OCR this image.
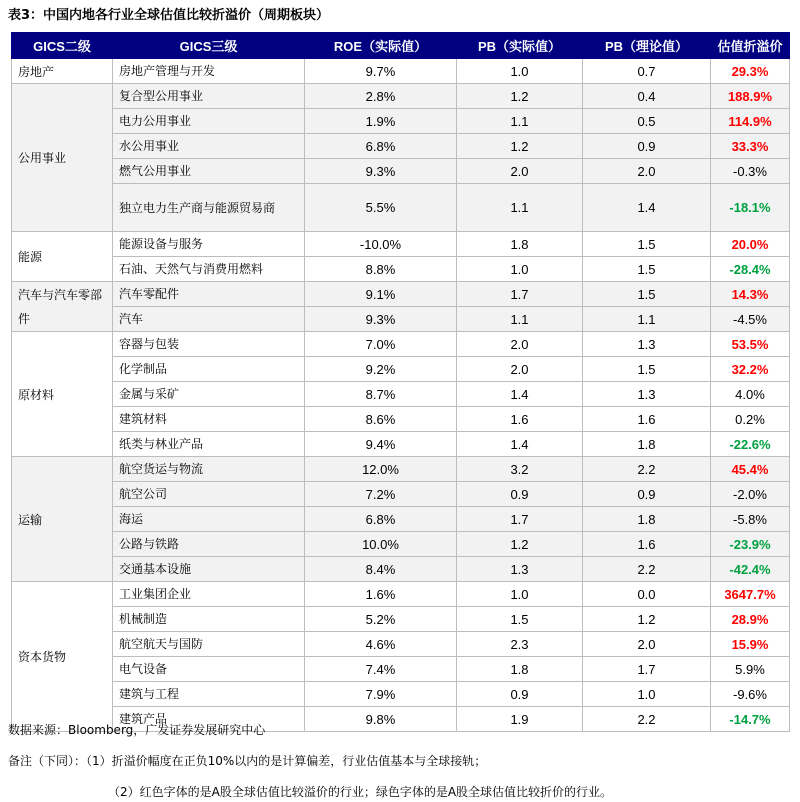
表3：中国内地各行业全球估值比较折溢价（周期板块）
GICS二级	GICS三级	ROE（实际值）	PB（实际值）	PB（理论值）	估值折溢价
房地产	房地产管理与开发	9.7%	1.0	0.7	29.3%
公用事业	复合型公用事业	2.8%	1.2	0.4	188.9%
	电力公用事业	1.9%	1.1	0.5	114.9%
	水公用事业	6.8%	1.2	0.9	33.3%
	燃气公用事业	9.3%	2.0	2.0	-0.3%
	独立电力生产商与能源贸易商	5.5%	1.1	1.4	-18.1%
能源	能源设备与服务	-10.0%	1.8	1.5	20.0%
	石油、天然气与消费用燃料	8.8%	1.0	1.5	-28.4%
汽车与汽车零部件	汽车零配件	9.1%	1.7	1.5	14.3%
	汽车	9.3%	1.1	1.1	-4.5%
原材料	容器与包装	7.0%	2.0	1.3	53.5%
	化学制品	9.2%	2.0	1.5	32.2%
	金属与采矿	8.7%	1.4	1.3	4.0%
	建筑材料	8.6%	1.6	1.6	0.2%
	纸类与林业产品	9.4%	1.4	1.8	-22.6%
运输	航空货运与物流	12.0%	3.2	2.2	45.4%
	航空公司	7.2%	0.9	0.9	-2.0%
	海运	6.8%	1.7	1.8	-5.8%
	公路与铁路	10.0%	1.2	1.6	-23.9%
	交通基本设施	8.4%	1.3	2.2	-42.4%
资本货物	工业集团企业	1.6%	1.0	0.0	3647.7%
	机械制造	5.2%	1.5	1.2	28.9%
	航空航天与国防	4.6%	2.3	2.0	15.9%
	电气设备	7.4%	1.8	1.7	5.9%
	建筑与工程	7.9%	0.9	1.0	-9.6%
	建筑产品	9.8%	1.9	2.2	-14.7%
数据来源：Bloomberg，广发证券发展研究中心
备注（下同）：（1）折溢价幅度在正负10%以内的是计算偏差，行业估值基本与全球接轨；
（2）红色字体的是A股全球估值比较溢价的行业；绿色字体的是A股全球估值比较折价的行业。
